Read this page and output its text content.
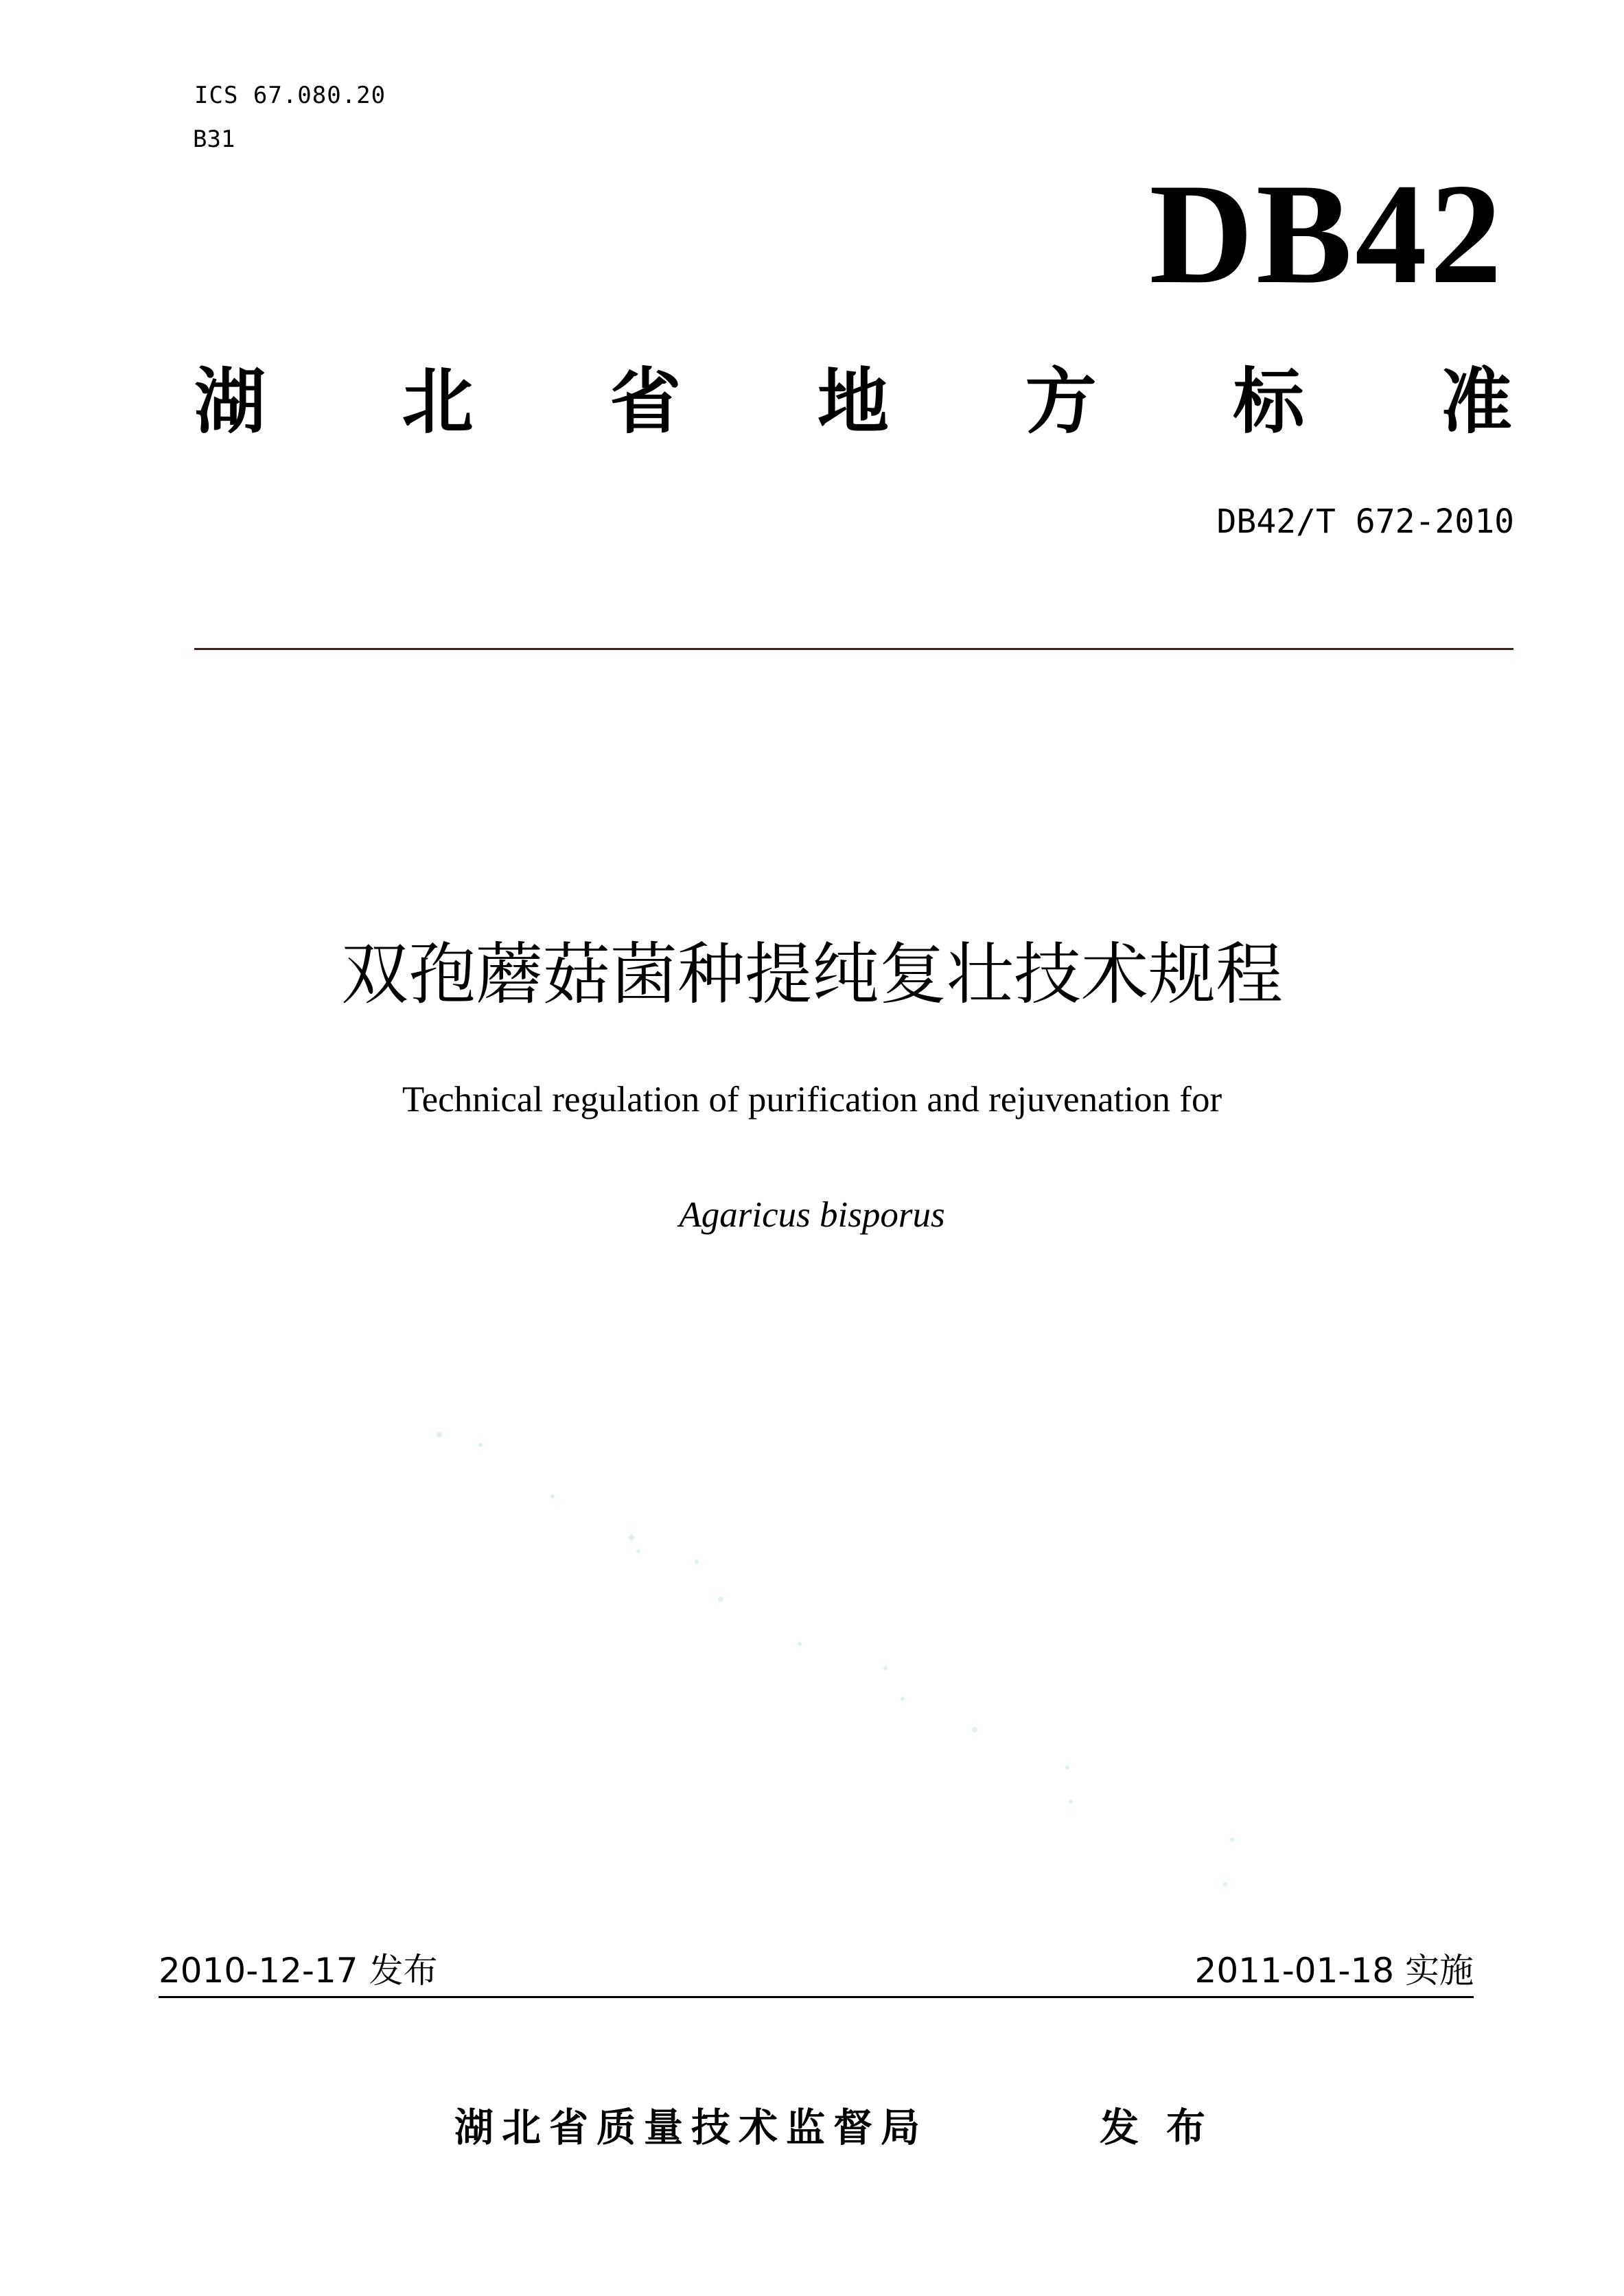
ICS 67.080.20
B31
DB42
湖 北 省 地 方 标 准
DB42/T 672-2010
双孢蘑菇菌种提纯复壮技术规程
Technical regulation of purification and rejuvenation for
Agaricus bisporus
2010-12-17 发布	2011-01-18 实施
湖北省质量技术监督局	发布
